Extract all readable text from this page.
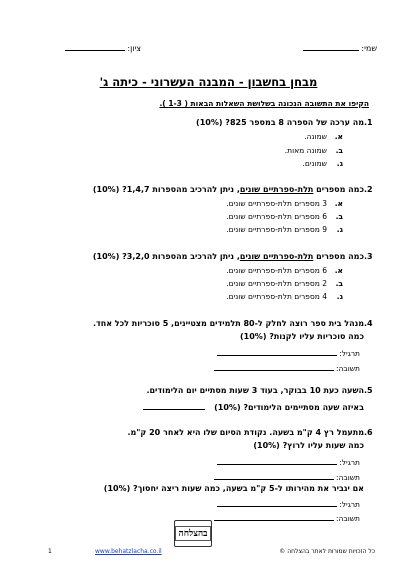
שמי:
ציון:
מבחן בחשבון - המבנה העשרוני - כיתה ג'
הקיפו את התשובה הנכונה בשלושת השאלות הבאות ( 1-3 ).
1.מה ערכה של הספרה 8 במספר 825? (10%)
א.שמונה.
ב.שמונה מאות.
ג.שמונים.
2.כמה מספרים תלת-ספרתיים שונים, ניתן להרכיב מהספרות 1,4,7? (10%)
א.3 מספרים תלת-ספרתיים שונים.
ב.6 מספרים תלת-ספרתיים שונים.
ג.9 מספרים תלת-ספרתיים שונים.
3.כמה מספרים תלת-ספרתיים שונים, ניתן להרכיב מהספרות 3,2,0? (10%)
א.6 מספרים תלת-ספרתיים שונים.
ב.2 מספרים תלת-ספרתיים שונים.
ג.4 מספרים תלת-ספרתיים שונים.
4.מנהל בית ספר רוצה לחלק ל-80 תלמידים מצטיינים, 5 סוכריות לכל אחד.
כמה סוכריות עליו לקנות? (10%)
תרגיל:
תשובה:
5.השעה כעת 10 בבוקר, בעוד 3 שעות מסתיים יום הלימודים.
באיזה שעה מסתיימים הלימודים? (10%)
6.מתעמל רץ 4 ק"מ בשעה. נקודת הסיום שלו היא לאחר 20 ק"מ.
כמה שעות עליו לרוץ? (10%)
תרגיל:
תשובה:
אם יגביר את מהירותו ל-5 ק"מ בשעה, כמה שעות ריצה יחסוך? (10%)
תרגיל:
תשובה:
בהצלחה
כל הזכויות שמורות לאתר בהצלחה ©
www.behatzlacha.co.il
1
